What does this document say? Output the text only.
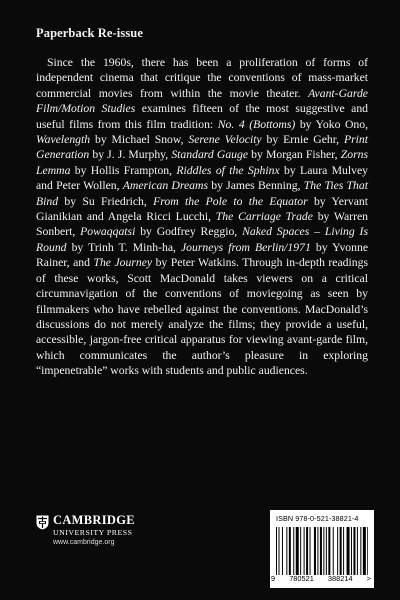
Paperback Re-issue

Since the 1960s, there has been a proliferation of forms of independent cinema that critique the conventions of mass-market commercial movies from within the movie theater. Avant-Garde Film/Motion Studies examines fifteen of the most suggestive and useful films from this film tradition: No. 4 (Bottoms) by Yoko Ono, Wavelength by Michael Snow, Serene Velocity by Ernie Gehr, Print Generation by J. J. Murphy, Standard Gauge by Morgan Fisher, Zorns Lemma by Hollis Frampton, Riddles of the Sphinx by Laura Mulvey and Peter Wollen, American Dreams by James Benning, The Ties That Bind by Su Friedrich, From the Pole to the Equator by Yervant Gianikian and Angela Ricci Lucchi, The Carriage Trade by Warren Sonbert, Powaqqatsi by Godfrey Reggio, Naked Spaces – Living Is Round by Trinh T. Minh-ha, Journeys from Berlin/1971 by Yvonne Rainer, and The Journey by Peter Watkins. Through in-depth readings of these works, Scott MacDonald takes viewers on a critical circumnavigation of the conventions of moviegoing as seen by filmmakers who have rebelled against the conventions. MacDonald’s discussions do not merely analyze the films; they provide a useful, accessible, jargon-free critical apparatus for viewing avant-garde film, which communicates the author’s pleasure in exploring “impenetrable” works with students and public audiences.

CAMBRIDGE
UNIVERSITY PRESS
www.cambridge.org
ISBN 978-0-521-38821-4
9 780521 388214 >
